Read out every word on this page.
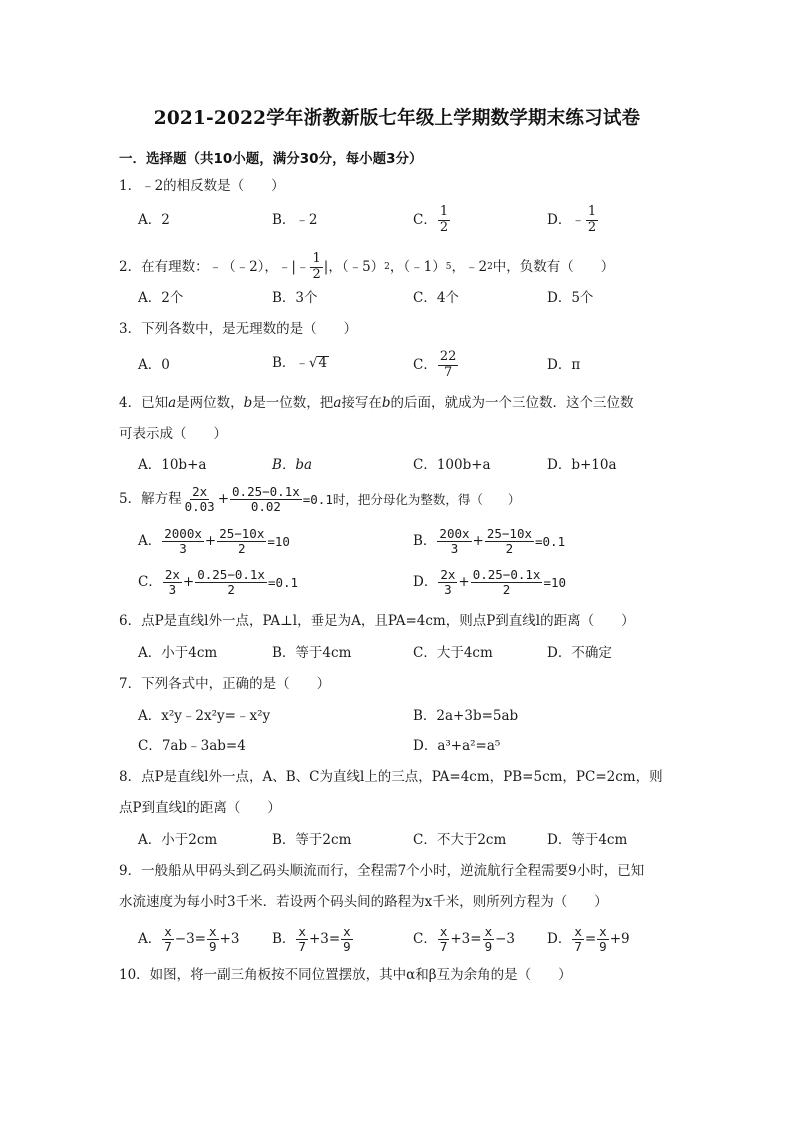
2021-2022学年浙教新版七年级上学期数学期末练习试卷
一．选择题（共10小题，满分30分，每小题3分）
1．﹣2的相反数是（　　）
A．2	B．﹣2	C． $\frac{1}{2}$	D．﹣ $\frac{1}{2}$
2．在有理数：﹣（﹣2），﹣|﹣ $\frac{1}{2}$ |，（﹣5） 2 ，（﹣1） 5 ，﹣2 2 中，负数有（　　）
A．2个	B．3个	C．4个	D．5个
3．下列各数中，是无理数的是（　　）
A．0	B．﹣ √ 4	C． $\frac{22}{7}$	D．π
4．已知a是两位数，b是一位数，把a接写在b的后面，就成为一个三位数．这个三位数
可表示成（　　）
A．10b+a	B．ba	C．100b+a	D．b+10a
5．解方程 $\frac{2x}{0.03} + \frac{0.25-0.1x}{0.02} =0.1$时，把分母化为整数，得（　　）
A． $\frac{2000x}{3} + \frac{25-10x}{2} =10$	B． $\frac{200x}{3} + \frac{25-10x}{2} =0.1$
C． $\frac{2x}{3} + \frac{0.25-0.1x}{2} =0.1$	D． $\frac{2x}{3} + \frac{0.25-0.1x}{2} =10$
6．点P是直线l外一点，PA⊥l，垂足为A，且PA=4cm，则点P到直线l的距离（　　）
A．小于4cm	B．等于4cm	C．大于4cm	D．不确定
7．下列各式中，正确的是（　　）
A．x²y﹣2x²y=﹣x²y	B．2a+3b=5ab
C．7ab﹣3ab=4	D．a³+a²=a⁵
8．点P是直线l外一点，A、B、C为直线l上的三点，PA=4cm，PB=5cm，PC=2cm，则
点P到直线l的距离（　　）
A．小于2cm	B．等于2cm	C．不大于2cm	D．等于4cm
9．一般船从甲码头到乙码头顺流而行，全程需7个小时，逆流航行全程需要9小时，已知
水流速度为每小时3千米．若设两个码头间的路程为x千米，则所列方程为（　　）
A． $\frac{x}{7} -3= \frac{x}{9} +3$ B． $\frac{x}{7} +3= \frac{x}{9}$	C． $\frac{x}{7} +3= \frac{x}{9} -3$ D． $\frac{x}{7} = \frac{x}{9} +9$
10．如图，将一副三角板按不同位置摆放，其中α和β互为余角的是（　　）
